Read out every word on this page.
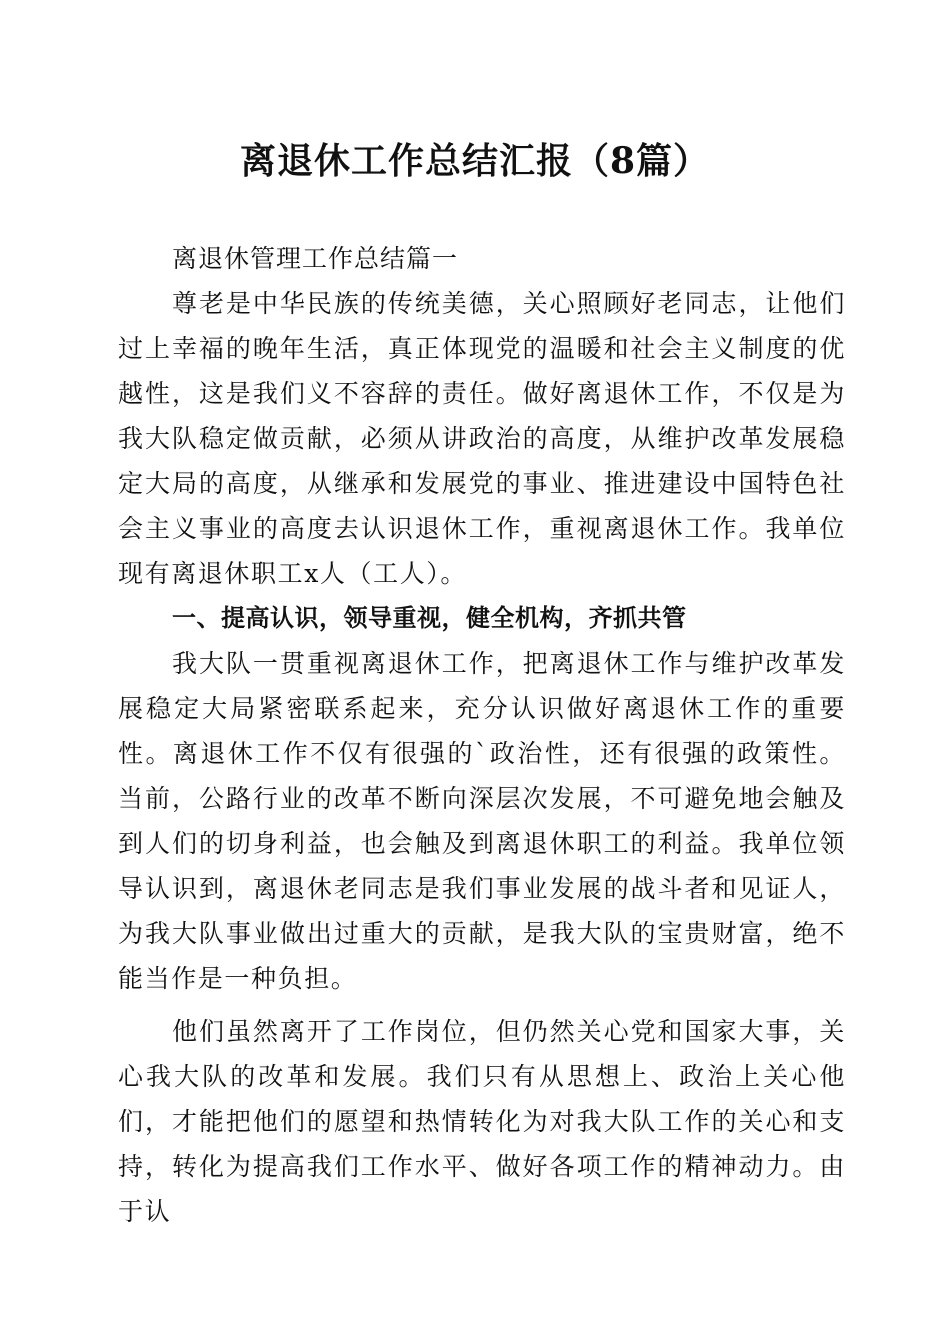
离退休工作总结汇报（8篇）

离退休管理工作总结篇一

尊老是中华民族的传统美德，关心照顾好老同志，让他们过上幸福的晚年生活，真正体现党的温暖和社会主义制度的优越性，这是我们义不容辞的责任。做好离退休工作，不仅是为我大队稳定做贡献，必须从讲政治的高度，从维护改革发展稳定大局的高度，从继承和发展党的事业、推进建设中国特色社会主义事业的高度去认识退休工作，重视离退休工作。我单位现有离退休职工x人（工人）。

一、提高认识，领导重视，健全机构，齐抓共管

我大队一贯重视离退休工作，把离退休工作与维护改革发展稳定大局紧密联系起来，充分认识做好离退休工作的重要性。离退休工作不仅有很强的`政治性，还有很强的政策性。当前，公路行业的改革不断向深层次发展，不可避免地会触及到人们的切身利益，也会触及到离退休职工的利益。我单位领导认识到，离退休老同志是我们事业发展的战斗者和见证人，为我大队事业做出过重大的贡献，是我大队的宝贵财富，绝不能当作是一种负担。

他们虽然离开了工作岗位，但仍然关心党和国家大事，关心我大队的改革和发展。我们只有从思想上、政治上关心他们，才能把他们的愿望和热情转化为对我大队工作的关心和支持，转化为提高我们工作水平、做好各项工作的精神动力。由于认
